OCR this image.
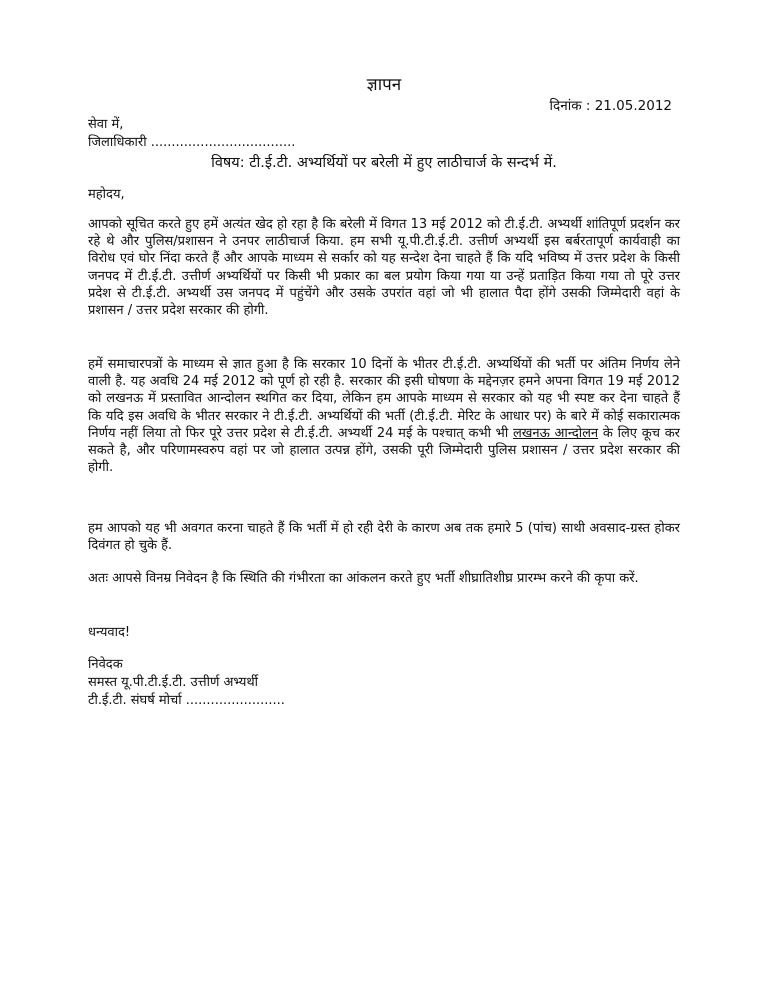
ज्ञापन
दिनांक : 21.05.2012
सेवा में,
जिलाधिकारी ...................................
विषय: टी.ई.टी. अभ्यर्थियों पर बरेली में हुए लाठीचार्ज के सन्दर्भ में.
महोदय,

आपको सूचित करते हुए हमें अत्यंत खेद हो रहा है कि बरेली में विगत 13 मई 2012 को टी.ई.टी. अभ्यर्थी शांतिपूर्ण प्रदर्शन कर रहे थे और पुलिस/प्रशासन ने उनपर लाठीचार्ज किया. हम सभी यू.पी.टी.ई.टी. उत्तीर्ण अभ्यर्थी इस बर्बरतापूर्ण कार्यवाही का विरोध एवं घोर निंदा करते हैं और आपके माध्यम से सर्कार को यह सन्देश देना चाहते हैं कि यदि भविष्य में उत्तर प्रदेश के किसी जनपद में टी.ई.टी. उत्तीर्ण अभ्यर्थियों पर किसी भी प्रकार का बल प्रयोग किया गया या उन्हें प्रताड़ित किया गया तो पूरे उत्तर प्रदेश से टी.ई.टी. अभ्यर्थी उस जनपद में पहुंचेंगे और उसके उपरांत वहां जो भी हालात पैदा होंगे उसकी जिम्मेदारी वहां के प्रशासन / उत्तर प्रदेश सरकार की होगी.

हमें समाचारपत्रों के माध्यम से ज्ञात हुआ है कि सरकार 10 दिनों के भीतर टी.ई.टी. अभ्यर्थियों की भर्ती पर अंतिम निर्णय लेने वाली है. यह अवधि 24 मई 2012 को पूर्ण हो रही है. सरकार की इसी घोषणा के मद्देनज़र हमने अपना विगत 19 मई 2012 को लखनऊ में प्रस्तावित आन्दोलन स्थगित कर दिया, लेकिन हम आपके माध्यम से सरकार को यह भी स्पष्ट कर देना चाहते हैं कि यदि इस अवधि के भीतर सरकार ने टी.ई.टी. अभ्यर्थियों की भर्ती (टी.ई.टी. मेरिट के आधार पर) के बारे में कोई सकारात्मक निर्णय नहीं लिया तो फिर पूरे उत्तर प्रदेश से टी.ई.टी. अभ्यर्थी 24 मई के पश्चात् कभी भी लखनऊ आन्दोलन के लिए कूच कर सकते है, और परिणामस्वरुप वहां पर जो हालात उत्पन्न होंगे, उसकी पूरी जिम्मेदारी पुलिस प्रशासन / उत्तर प्रदेश सरकार की होगी.

हम आपको यह भी अवगत करना चाहते हैं कि भर्ती में हो रही देरी के कारण अब तक हमारे 5 (पांच) साथी अवसाद-ग्रस्त होकर दिवंगत हो चुके हैं.

अतः आपसे विनम्र निवेदन है कि स्थिति की गंभीरता का आंकलन करते हुए भर्ती शीघ्रातिशीघ्र प्रारम्भ करने की कृपा करें.

धन्यवाद!
निवेदक
समस्त यू.पी.टी.ई.टी. उत्तीर्ण अभ्यर्थी
टी.ई.टी. संघर्ष मोर्चा ........................
